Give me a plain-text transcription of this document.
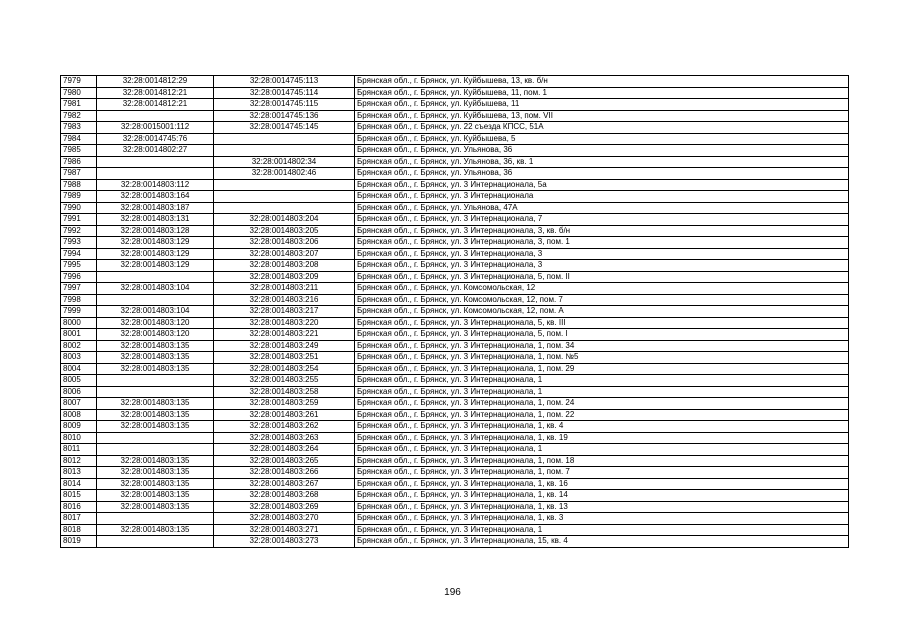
7979	32:28:0014812:29	32:28:0014745:113	Брянская обл., г. Брянск, ул. Куйбышева, 13, кв. б/н
7980	32:28:0014812:21	32:28:0014745:114	Брянская обл., г. Брянск, ул. Куйбышева, 11, пом. 1
7981	32:28:0014812:21	32:28:0014745:115	Брянская обл., г. Брянск, ул. Куйбышева, 11
7982		32:28:0014745:136	Брянская обл., г. Брянск, ул. Куйбышева, 13, пом. VII
7983	32:28:0015001:112	32:28:0014745:145	Брянская обл., г. Брянск, ул. 22 съезда КПСС, 51А
7984	32:28:0014745:76		Брянская обл., г. Брянск, ул. Куйбышева, 5
7985	32:28:0014802:27		Брянская обл., г. Брянск, ул. Ульянова, 36
7986		32:28:0014802:34	Брянская обл., г. Брянск, ул. Ульянова, 36, кв. 1
7987		32:28:0014802:46	Брянская обл., г. Брянск, ул. Ульянова, 36
7988	32:28:0014803:112		Брянская обл., г. Брянск, ул. 3 Интернационала, 5а
7989	32:28:0014803:164		Брянская обл., г. Брянск, ул. 3 Интернационала
7990	32:28:0014803:187		Брянская обл., г. Брянск, ул. Ульянова, 47А
7991	32:28:0014803:131	32:28:0014803:204	Брянская обл., г. Брянск, ул. 3 Интернационала, 7
7992	32:28:0014803:128	32:28:0014803:205	Брянская обл., г. Брянск, ул. 3 Интернационала, 3, кв. б/н
7993	32:28:0014803:129	32:28:0014803:206	Брянская обл., г. Брянск, ул. 3 Интернационала, 3, пом. 1
7994	32:28:0014803:129	32:28:0014803:207	Брянская обл., г. Брянск, ул. 3 Интернационала, 3
7995	32:28:0014803:129	32:28:0014803:208	Брянская обл., г. Брянск, ул. 3 Интернационала, 3
7996		32:28:0014803:209	Брянская обл., г. Брянск, ул. 3 Интернационала, 5, пом. II
7997	32:28:0014803:104	32:28:0014803:211	Брянская обл., г. Брянск, ул. Комсомольская, 12
7998		32:28:0014803:216	Брянская обл., г. Брянск, ул. Комсомольская, 12, пом. 7
7999	32:28:0014803:104	32:28:0014803:217	Брянская обл., г. Брянск, ул. Комсомольская, 12, пом. А
8000	32:28:0014803:120	32:28:0014803:220	Брянская обл., г. Брянск, ул. 3 Интернационала, 5, кв. III
8001	32:28:0014803:120	32:28:0014803:221	Брянская обл., г. Брянск, ул. 3 Интернационала, 5, пом. I
8002	32:28:0014803:135	32:28:0014803:249	Брянская обл., г. Брянск, ул. 3 Интернационала, 1, пом. 34
8003	32:28:0014803:135	32:28:0014803:251	Брянская обл., г. Брянск, ул. 3 Интернационала, 1, пом. №5
8004	32:28:0014803:135	32:28:0014803:254	Брянская обл., г. Брянск, ул. 3 Интернационала, 1, пом. 29
8005		32:28:0014803:255	Брянская обл., г. Брянск, ул. 3 Интернационала, 1
8006		32:28:0014803:258	Брянская обл., г. Брянск, ул. 3 Интернационала, 1
8007	32:28:0014803:135	32:28:0014803:259	Брянская обл., г. Брянск, ул. 3 Интернационала, 1, пом. 24
8008	32:28:0014803:135	32:28:0014803:261	Брянская обл., г. Брянск, ул. 3 Интернационала, 1, пом. 22
8009	32:28:0014803:135	32:28:0014803:262	Брянская обл., г. Брянск, ул. 3 Интернационала, 1, кв. 4
8010		32:28:0014803:263	Брянская обл., г. Брянск, ул. 3 Интернационала, 1, кв. 19
8011		32:28:0014803:264	Брянская обл., г. Брянск, ул. 3 Интернационала, 1
8012	32:28:0014803:135	32:28:0014803:265	Брянская обл., г. Брянск, ул. 3 Интернационала, 1, пом. 18
8013	32:28:0014803:135	32:28:0014803:266	Брянская обл., г. Брянск, ул. 3 Интернационала, 1, пом. 7
8014	32:28:0014803:135	32:28:0014803:267	Брянская обл., г. Брянск, ул. 3 Интернационала, 1, кв. 16
8015	32:28:0014803:135	32:28:0014803:268	Брянская обл., г. Брянск, ул. 3 Интернационала, 1, кв. 14
8016	32:28:0014803:135	32:28:0014803:269	Брянская обл., г. Брянск, ул. 3 Интернационала, 1, кв. 13
8017		32:28:0014803:270	Брянская обл., г. Брянск, ул. 3 Интернационала, 1, кв. 3
8018	32:28:0014803:135	32:28:0014803:271	Брянская обл., г. Брянск, ул. 3 Интернационала, 1
8019		32:28:0014803:273	Брянская обл., г. Брянск, ул. 3 Интернационала, 15, кв. 4
196
